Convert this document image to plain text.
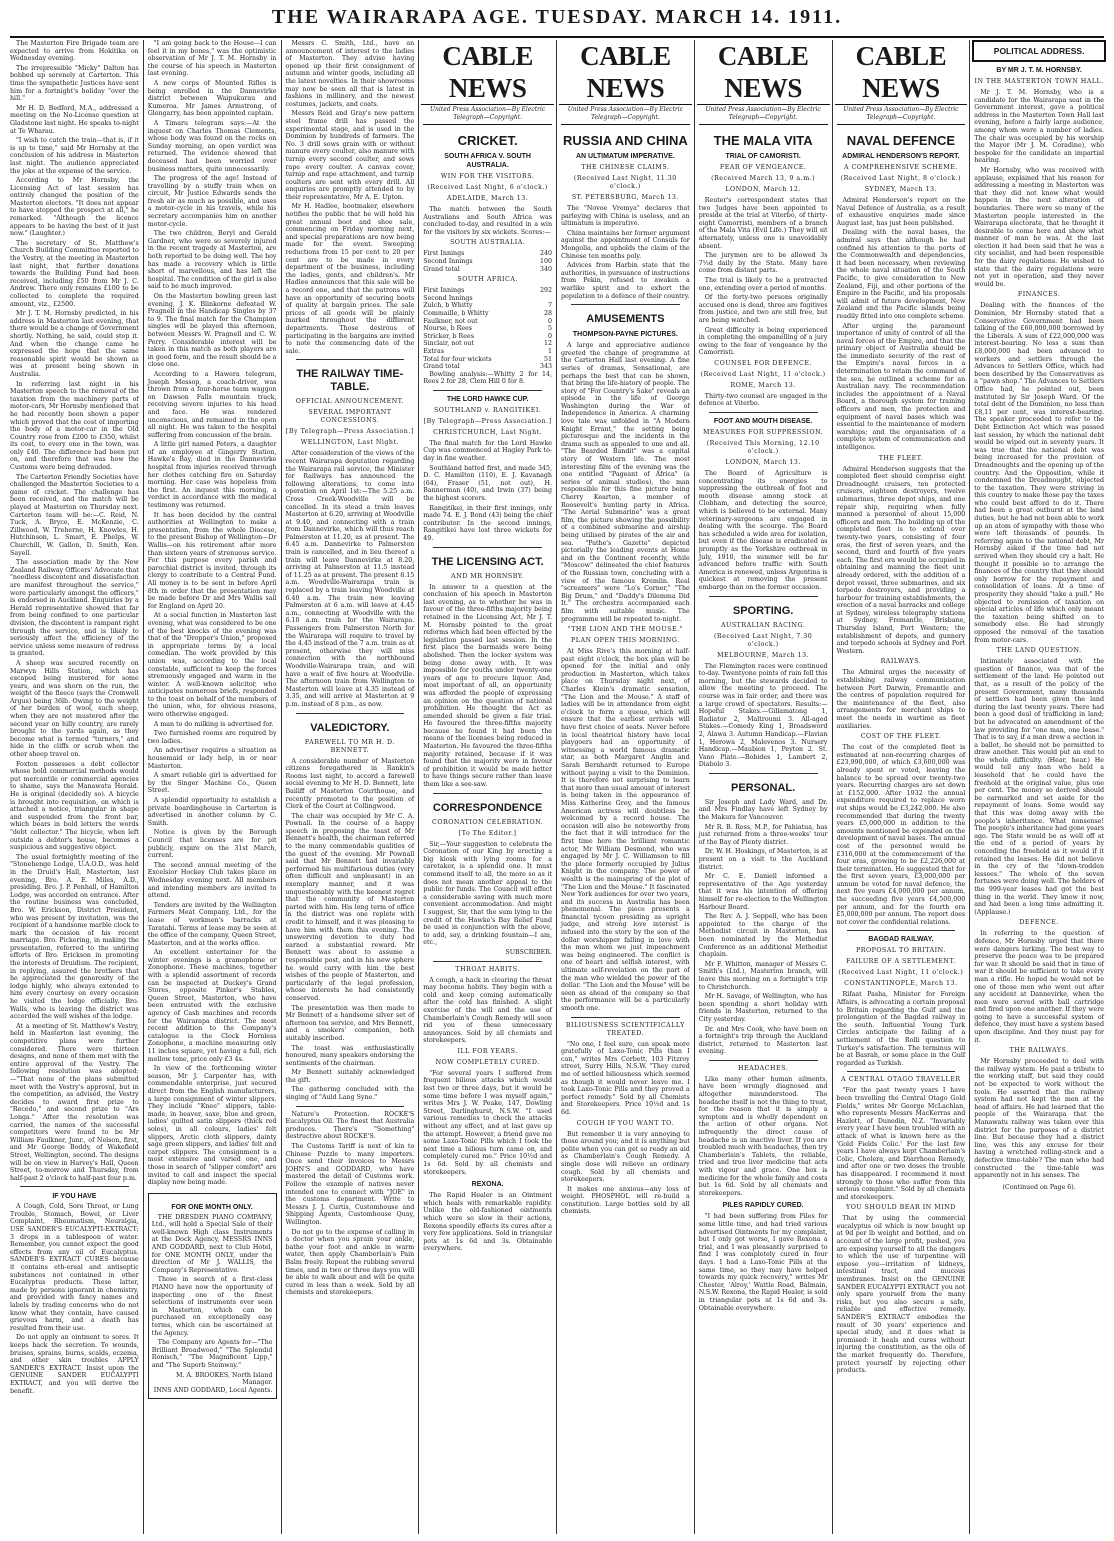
THE WAIRARAPA AGE. TUESDAY. MARCH 14. 1911.

The Masterton Fire Brigade team are expected to arrive from Hokitika on Wednesday evening.

The irrepressible "Micky" Dalton has bobbed up serenely at Carterton. This time the sympathetic Justices have sent him for a fortnight's holiday "over the hill."

Mr H. D. Bedford, M.A., addressed a meeting on the No-License question at Gladstone last night. He speaks to-night at Te Wharau.

"I wish to catch the train—that is, if it is up to time," said Mr Hornsby at the conclusion of his address in Masterton last night. The audience appreciated the joke at the expense of the service.

According to Mr Hornsby, the Licensing Act of last session has entirely changed the position of the Masterton electors. "It does not appear to have stopped the prospect at all," he remarked. "Although the licence appears to be having the best of it just now." (Laughter.)

The secretary of St. Matthew's Church Building Committee reported to the Vestry, at the meeting in Masterton last night, that further donations towards the Building Fund had been received, including £50 from Mr J. C. Andrew. There only remains £100 to be collected to complete the required amount, viz., £2500.

Mr J. T. M. Hornsby predicted, in his address in Masterton last evening, that there would be a change of Government shortly. Nothing, he said, could stop it. And when the change came he expressed the hope that the same reasonable spirit would be shown as was at present being shown in Australia.

In referring last night in his Masterton speech to the removal of the taxation from the machinery parts of motor-cars, Mr Hornsby mentioned that he had recently been shown a paper which proved that the cost of importing the body of a motor-car in the Old Country rose from £200 to £350, whilst its cost, to every one in the town, was only £40. The difference had been put on, and therefore that was how the Customs were being defrauded.

The Carterton Friendly Societies have challenged the Masterton Societies to a game of cricket. The challenge has been received, and the match will be played at Masterton on Thursday next. Carterton team will be:—C. Reid, N. Tuck, A. Bryce, E. McKenzie, C. Zillwood, W. Treherne, H. Knowles, H. Hutchinson, L. Smart, E. Phelps, W. Churchill, W. Gallon, D. Smith, Ken. Sayell.

The association made by the New Zealand Railway Officers' Advocate that "needless discontent and dissatisfaction are manifest throughout the service," were particularly amongst the officers," is endorsed in Auckland. Enquiries by a Herald representative showed that far from being confined to one particular division, the discontent is rampant right through the service, and is likely to seriously affect the efficiency of the service unless some measure of redress is granted.

A sheep was secured recently on Marwyn Hills Station, which has escaped being mustered for some years, and was shorn on the run, the weight of the fleece (says the Cromwell Argus) being 36lb. Owing to the weight of her burden of wool, such sheep, when they are not mustered after the second year on hilly country, are rarely brought to the yards again, as they become what is termed "turners," and hide in the cliffs or scrub when the other sheep travel on.

Foxton possesses a debt collector whose bold commercial methods would put mercantile or commercial agencies to shame, says the Manawatu Herald. He is original (decidedly so). A bicycle is brought into requisition, on which is attached a notice, triangular in shape and suspended from the front bar, which bears in bold letters the words "debt collector." The bicycle, when left outside a debtor's house, becomes a suspicious and suggestive object.

The usual fortnightly meeting of the "Stonehenge Lodge, U.A.O.D., was held in the Druid's Hall, Masterton, last evening, Bro. A. E. Miles, A.D., presiding. Bro. J. P. Penhall, of Hamilton Lodge, was accorded on entrance. After the routine business was concluded, Bro. W. Erickson, District President, who was present by invitation, was the recipient of a handsome marble clock to mark the occasion of his recent marriage. Bro. Pickering, in making the presentation, referred to the untiring efforts of Bro. Erickson in promoting the interests of Druidism. The recipient, in replying, assured the brothers that he appreciated the generosity of the lodge highly, who always extended to him every courtesy on every occasion he visited the lodge officially. Bro. Walls, who is leaving the district was accorded the well wishes of the lodge.

At a meeting of St. Matthew's Vestry, held in Masterton last evening, the competitive plans were further considered. There were thirteen designs, and none of them met with the entire approval of the Vestry. The following resolution was adopted:—"That none of the plans submitted meet with the Vestry's approval, but in the competition, as advised, the Vestry decides to award first prize to "Recedo," and second prize to "Ars Longa." After the resolution was carried, the names of the successful competitors were found to be Mr William Faulkner, Junr., of Nelson, first, and Mr George Boddy, of Wakefield Street, Wellington, second. The designs will be on view in Harvey's Hall, Queen Street, to-morrow and Thursday, from half-past 2 o'clock to half-past four p.m.

IF YOU HAVE

A Cough, Cold, Sore Throat, or Lung Trouble, Stomach, Bowel, or Liver Complaint, Rheumatism, Neuralgia, USE SANDER'S EUCALYPTI-EXTRACT; 3 drops in a tablespoon of water. Remember, you cannot expect the good effects from any oil of Eucalyptus. SANDER'S EXTRACT CURES because it contains eth-ereal and antiseptic substances not contained in other Eucalyptus products. These latter, made by persons ignorant in chemistry, and provided with fancy names and labels by trading concerns who do not know what they contain, have caused grievous harm, and a death has resulted from their use.

Do not apply an ointment to sores. It keeps back the secretion. To wounds, bruises, sprains, burns, scalds, eczema, and other skin troubles APPLY SANDER'S EXTRACT. Insist upon the GENUINE SANDER EUCALYPTI EXTRACT, and you will derive the benefit.

"I am going back to the House—I can feel it in my bones," was the optimistic observation of Mr J. T. M. Hornsby in the course of his speech in Masterton last evening.

A new corps of Mounted Rifles is being enrolled in the Dannevirke district between Waipukurau and Kumeroa. Mr James Armstrong, of Glengarry, has been appointed captain.

A Timaru telegram says:—At the inquest on Charles Thomas Clements, whose body was found on the rocks on Sunday morning, an open verdict was returned. The evidence showed that deceased had been worried over business matters, quite unnecessarily.

The progress of the age! Instead of travelling by a stuffy train when on circuit, Mr Justice Edwards sends the fresh air as much as possible, and uses a motor-cycle in his travels, while his secretary accompanies him on another motor-cycle.

The two children, Beryl and Gerald Gardner, who were so severely injured in the recent tragedy at Masterton, are both reported to be doing well. The boy has made a recovery which is little short of marvellous, and has left the hospital. The condition of the girl is also said to be much improved.

On the Masterton bowling green last evening, J. K. Blinkorne defeated W. Pragnell in the Handicap Singles by 37 to 9. The final match for the Champion singles will be played this afternoon, between Messrs W. Pragnell and C. W. Perry. Considerable interest will be taken in this match as both players are in good form, and the result should be a close one.

According to a Hawera telegram, Joseph Messop, a coach-driver, was thrown from a four-horse team waggon on Dawson Falls mountain track, receiving severe injuries to his head and face. He was rendered unconscious, and remained in the open all night. He was taken to the hospital suffering from concussion of the brain.

A little girl named Peters, a daughter of an employee at Gingerry Station, Hawke's Bay, died in the Dannevirke hospital from injuries received through her clothes catching fire on Saturday morning. Her case was hopeless from the first. An inquest this morning, a verdict in accordance with the medical testimony was returned.

It has been decided by the central authorities at Wellington to make a presentation, from the whole Diocese, to the present Bishop of Wellington—Dr Wallis—on his retirement after more than sixteen years of strenuous service. For this purpose every parish and parochial district is invited, through its clergy to contribute to a Central Fund. All money is to be sent in before April 8th in order that the presentation may be made before Dr and Mrs Wallis sail for England on April 20.

At a social function in Masterton last evening, what was considered to be one of the best knocks of the evening was that of the "Dropper's Union," proposed in appropriate terms by a local comedian. The work provided by this union was, according to the local constable, sufficient to keep the forces strenuously engaged and warm in the winter. A well-known solicitor, who anticipates numerous briefs, responded to the toast on behalf of the members of the union, who, for obvious reasons, were otherwise engaged.

A man to do milking is advertised for.

Two furnished rooms are required by two ladies.

An advertiser requires a situation as housemaid or lady help, in or near Masterton.

A smart reliable girl is advertised for by the Singer Machine Co., Queen Street.

A splendid opportunity to establish a private boardinghouse in Carterton is advertised in another column by C. Smith.

Notice is given by the Borough Council that licenses are for pit publicly, expire on the 31st March, current.

The second annual meeting of the Excelsior Hockey Club takes place on Wednesday evening next. All members and intending members are invited to attend.

Tenders are invited by the Wellington Farmers Meat Company, Ltd., for the lease of workmen's barracks at Taratahi. Terms of lease may be seen at the office of the company, Queen Street, Masterton, and at the works office.

An excellent entertainer for the winter evenings is a gramophone or Zonophone. These machines, together with a splendid assortment of records can be inspected at Duckey's Grand Stores, opposite Pinker's Stables, Queen Street, Masterton, who have been entrusted with the exclusive agency of Cash machines and records for the Wairarapa district. The most recent addition to the Company's catalogue is the Clock Hornless Zonophone, a machine measuring only 11 inches square, yet having a full, rich mellow tone, price only £3 4s.

In view of the forthcoming winter season, Mr J. Carpenter has, with commendable enterprise, just secured direct from the English manufacturers, a large consignment of winter slippers. They include "Knee" slippers, table-made, in beaver, saxe, blue and green, ladies' quilted satin slippers (thick red soles), in all colours, ladies' felt slippers, Arctic cloth slippers, dainty sage green slippers, and ladies' felt and carpet slippers. The consignment is a most extensive and varied one, and those in search of "slipper comfort" are invited to call and inspect the special display now being made.

FOR ONE MONTH ONLY.

THE DRESDEN PIANO COMPANY, Ltd., will hold a Special Sale of their well-known High class Instruments at the Dock Agency, MESSRS INNS AND GODDARD, next to Club Hotel, for ONE MONTH ONLY, under the direction of Mr J. WALLIS, the Company's Representative.

Those in search of a first-class PIANO have now the opportunity of inspecting one of the finest selections of instruments ever seen in Masterton, which can be purchased on exceptionally easy terms, which can be ascertained at the Agency.

The Company are Agents for—"The Brilliant Broadwood," "The Splendid Ronisch," "The Magnificent Lipp," and "The Superb Steinway."

M. A. BROOKES, North Island Manager.
INNS AND GODDARD, Local Agents.

Messrs C. Smith, Ltd., have an announcement of interest to the ladies of Masterton. They advise having opened up their first consignment of autumn and winter goods, including all the latest novelties. In their showrooms may now be seen all that is latest in fashions in millinery, and the newest costumes, jackets, and coats.

Messrs Reid and Gray's new pattern steel frame drill has passed the experimental stage, and is used in the Dominion by hundreds of farmers. The No. 3 drill sows grain with or without manure every coulter, also manure with turnip every second coulter, and sows rape every coulter. A canvas cover, turnip and rape attachment, and turnip coulters are sent with every drill. All enquiries are promptly attended to by their representative, Mr A. E. Upton.

Mr H. Hadlee, bootmaker, elsewhere notifies the public that he will hold his great annual boot and shoe sale, commencing on Friday morning next, and special preparations are now being made for the event. Sweeping reductions from 15 per cent to 20 per cent are to be made in every department of the business, including the ladies, gents, and children's. Mr Hadlee announces that this sale will be a record one, and that the patrons will have an opportunity of securing boots of quality at bargain prices. The sale prices of all goods will be plainly marked throughout the different departments. Those desirous of participating in the bargains are invited to note the commencing date of the sale.

THE RAILWAY TIME-TABLE.
OFFICIAL ANNOUNCEMENT.
SEVERAL IMPORTANT CONCESSIONS.
[By Telegraph—Press Association.]
WELLINGTON, Last Night.

After consideration of the views of the recent Wairarapa deputation regarding the Wairarapa rail service, the Minister for Railways has announced the following alterations, to come into operation on April 1st:—The 5.25 a.m. Cross Creek-Woodville will be cancelled. In its stead a train leaves Masterton at 6.20, arriving at Woodville at 9.40, and connecting with a train from Dannevirke, which will thus reach Palmerston at 11.20, as at present. The 6.45 a.m. Dannevirke to Palmerston train is cancelled, and in lieu thereof a train will leave Dannevirke at 8.20, arriving at Palmerston at 11.5 instead of 11.25 as at present. The present 8.15 a.m. Woodville-Wairarapa train is replaced by a train leaving Woodville at 6.40 a.m. The train now leaving Palmerston at 6 a.m. will leave at 4.45 a.m., connecting at Woodville with the 6.10 a.m. train for the Wairarapa. Passengers from Palmerston North for the Wairarapa will require to travel by the 4.45 instead of the 7 a.m. train as at present, otherwise they will miss connection with the northbound Woodville-Wairarapa train, and will have a wait of five hours at Woodville. The afternoon train from Wellington to Masterton will leave at 4.35 instead of 3.35, and will arrive at Masterton at 9 p.m. instead of 8 p.m., as now.

VALEDICTORY.
FAREWELL TO MR H. D. BENNETT.

A considerable number of Masterton citizens foregathered in Rankin's Rooms last night, to accord a farewell social evening to Mr H. D. Bennett, late Bailiff of Masterton Courthouse, and recently promoted to the position of Clerk of the Court at Collingwood.

The chair was occupied by Mr C. A. Pownall. In the course of a happy speech in proposing the toast of Mr Bennett's health, the chairman referred to the many commendable qualities of the guest of the evening. Mr Pownall said that Mr Bennett had invariably performed his multifarious duties (very often difficult and unpleasant) in an exemplary manner, and it was unquestionably with the keenest regret that the community of Masterton parted with him. His long term of office in the district was one replete with credit to himself, and it was pleasing to have him with them this evening. The unswerving devotion to duty had earned a substantial reward. Mr Bennett was about to assume a responsible post, and in his new sphere he would carry with him the best wishes of the people of Masterton, and particularly of the legal profession, whose interests he had consistently conserved.

The presentation was then made to Mr Bennett of a handsome silver set of afternoon tea service, and Mrs Bennett, and a smokers' companion, both suitably inscribed.

The toast was enthusiastically honoured, many speakers endorsing the sentiments of the chairman.

Mr Bennett suitably acknowledged the gift.

The gathering concluded with the singing of "Auld Lang Syne."

Nature's Protection. ROCKE'S Eucalyptus Oil. The finest that Australia produces. There's "Something" destructive about ROCKE'S.

The Customs Tariff is next of kin to Chinese Puzzle to many importers. Once send their invoices to Messrs JOHN'S and GODDARD, who have mastered the detail of Customs work. Follow the example of natives never intended one to connect with "JOE" in the customs department. Write to Messrs J. J. Curtis, Customhouse and Shipping Agents, Customhouse Quay, Wellington.

Do not go to the expense of calling in a doctor when you sprain your ankle, bathe your foot and ankle in warm water, then apply Chamberlain's Pain Balm freely. Repeat the rubbing several times, and in two or three days you will be able to walk about and will be quite cured in less than a week. Sold by all chemists and storekeepers.

CABLE NEWS
United Press Association—By Electric Telegraph—Copyright.
CRICKET.
SOUTH AFRICA V. SOUTH AUSTRALIA.
WIN FOR THE VISITORS.
(Received Last Night, 6 o'clock.)
ADELAIDE, March 13.

The match between the South Australians and South Africa was concluded to-day, and resulted in a win for the visitors by six wickets. Scores:—

SOUTH AUSTRALIA.
First Innings	240
Second Innings	100
Grand total	340
SOUTH AFRICA.
First Innings	292
Second Innings	
Zulch, b Whitty	7
Commaille, b Whitty	28
Faulkner, not out	0
Nourse, b Rees	5
Stricker, b Rees	0
Sinclair, not out	12
Extras	1
Total for four wickets	51
Grand total	343

Bowling analysis:—Whitty 2 for 14, Rees 2 for 28, Clem Hill 0 for 8.

THE LORD HAWKE CUP.
SOUTHLAND v. RANGITIKEI.
[By Telegraph—Press Association.]
CHRISTCHURCH, Last Night.

The final match for the Lord Hawke Cup was commenced at Hagley Park to-day in fine weather.

Southland batted first, and made 345, D. C. Hamilton (110), E. J. Kavanagh (64), Fraser (51, not out), H. Bannerman (40), and Irwin (37) being the highest scorers.

Rangitikei, in their first innings, only made 74. E. J. Bond (43) being the chief contributor. In the second innings, Rangitikei have lost three wickets for 49.

THE LICENSING ACT.
AND MR HORNSBY.

In answer to a question at the conclusion of his speech in Masterton last evening, as to whether he was in favour of the three-fifths majority being retained in the Licensing Act, Mr J. T. M. Hornsby pointed to the great reforms which had been effected by the legislation passed last session. In the first place the barmaids were being abolished. Then the locker system was being done away with. It was impossible for youths under twenty-one years of age to procure liquor. And, most important of all, an opportunity was afforded the people of expressing an opinion on the question of national prohibition. He thought the Act as amended should be given a fair trial. He favoured the three-fifths majority because he found it had been the means of the licenses being reduced in Masterton. He favoured the three-fifths majority retained, because if it was found that the majority were in favour of prohibition it would be made better to have things secure rather than leave them like a see-saw.

CORRESPONDENCE
CORONATION CELEBRATION.
[To The Editor.]

Sir,—Your suggestion to celebrate the Coronation of our King by erecting a big kiosk with lying rooms for a caretaker, is a splendid one. It must commend itself to all, the more so as it does not mean another appeal to the public for funds. The Council will effect a considerable saving with much more convenient accommodation. And might I suggest, Sir, that the sum lying to the credit of the Hawke's Bay Relief Fund be used in conjunction with the above, to add, say, a drinking fountain—I am, etc.,

SUBSCRIBER.
THROAT HABITS.

A cough, a hack in clearing the throat may become habits. They begin with a cold and keep coming automatically after the cold has finished. A slight exercise of the will and the use of Chamberlain's Cough Remedy will soon rid you of these unnecessary annoyances. Sold by all chemists and storekeepers.

ILL FOR YEARS.
NOW COMPLETELY CURED.

"For several years I suffered from frequent bilious attacks which would last two or three days, but it would be some time before I was myself again," writes Mrs J. W. Peake, 147, Dowling Street, Darlinghurst, N.S.W. "I used various remedies to check the attacks without any effect, and at last gave up the attempt. However, a friend gave me some Laxo-Tonic Pills which I took the next time a bilious turn came on, and completely cured me." Price 10½d and 1s 6d. Sold by all chemists and storekeepers.

REXONA.

The Rapid Healer is an Ointment which heals with remarkable rapidity. Unlike the old-fashioned ointments which were so slow in their actions, Rexona speedily effects its cures after a very few applications. Sold in triangular pots at 1s 6d and 3s. Obtainable everywhere.

CABLE NEWS
United Press Association—By Electric Telegraph—Copyright.
RUSSIA AND CHINA
AN ULTIMATUM IMPERATIVE.
THE CHINESE CLAIMS.
(Received Last Night, 11.30 o'clock.)
ST. PETERSBURG, March 13.

The "Novoe Vremya" declares that parleying with China is useless, and an ultimatum is imperative.

China maintains her former argument against the appointment of Consuls for Mongolia, and upholds the claim of the Chinese ten months poly.

Advices from Harbin state that the authorities, in pursuance of instructions from Pekin, refused to awaken a warlike spirit and to exhort the population to a defence of their country.

AMUSEMENTS
THOMPSON-PAYNE PICTURES.

A large and appreciative audience greeted the change of programme at the Carterton Hall last evening. A fine series of dramas, Sensational, are perhaps the best that can be shown, that bring the life-history of people. The story of "For Country's Sake" reveals an episode in the life of George Washington during the War of Independence in America. A charming love tale was unfolded in "A Modern Knight Errant," the setting being picturesque and the incidents in the drama such as appealed to one and all. "The Bearded Bandit" was a capital story of Western life. The most interesting film of the evening was the one entitled "Pageant of Africa" (a series of animal studies), the man responsible for this fine picture being Cherry Kearton, a member of Roosevelt's hunting party in Africa. "The Aerial Submarine" was a great film, the picture showing the possibility of a combined submarine and airship being utilised by pirates of the air and sea. "Pathe's Gazette" depicted pictorially the leading events at Home and on the Continent recently, while "Moscow" delineated the chief features of the Russian town, concluding with a view of the famous Kremlin. Real "screamers" were "Lo's Corner," "The Big Drum," and "Daddy's Dilemma Did It." The orchestra accompanied each film with suitable music. The programme will be repeated to-night.

"THE LION AND THE MOUSE."
PLAN OPEN THIS MORNING.

At Miss Rive's this morning at half-past eight o'clock, the box plan will be opened for the initial and only production in Masterton, which takes place on Thursday night next, of Charles Klein's dramatic sensation, "The Lion and the Mouse." A staff of ladies will be in attendance from eight o'clock to form a queue, which will ensure that the earliest arrivals will have first choice of seats. Never before in local theatrical history have local playgoers had an opportunity of witnessing a world famous dramatic star, as both Margaret Anglin and Sarah Bernhardt returned to Europe without paying a visit to the Dominion. It is therefore not surprising to learn that more than usual amount of interest is being taken in the appearance of Miss Katherine Grey, and the famous American actress will doubtless be welcomed by a record house. The occasion will also be noteworthy from the fact that it will introduce for the first time here the brilliant romantic actor, Mr William Desmond, who was engaged by Mr J. C. Williamson to fill the place formerly occupied by Julius Knight in the company. The power of wealth is the mainspring of the plot of "The Lion and the Mouse." It fascinated New York audiences for over two years, and its success in Australia has been phenomenal. The piece presents a financial tycoon presiding as upright judge, and strong love interest is infused into the story by the son of the dollar worshipper falling in love with the man whom we just impeachment was being engineered. The conflict is one of heart and selfish interest, with ultimate self-revelation on the part of the man who wielded the power of the dollar. "The Lion and the Mouse" will be seen as ahead of the company so that the performance will be a particularly smooth one.

BILIOUSNESS SCIENTIFICALLY TREATED.

"No one, I feel sure, can speak more gratefully of Laxo-Tonic Pills than I can," writes Mrs Corbett, 103 Fitzroy street, Surry Hills, N.S.W. "They cured me of settled biliousness which seemed as though it would never leave me. I took Laxo-Tonic Pills and they proved a perfect remedy." Sold by all Chemists and Storekeepers. Price 10½d and 1s 6d.

COUGH IF YOU WANT TO.

But remember it is very annoying to those around you; and it is anything but polite when you can get so ready an aid as Chamberlain's Cough Remedy. A single dose will relieve an ordinary cough. Sold by all chemists and storekeepers.

It makes one anxious—any loss of weight. PHOSPHOL will re-build a constitution. Large bottles sold by all chemists.

CABLE NEWS
United Press Association—By Electric Telegraph—Copyright.
THE MALA VITA
TRIAL OF CAMORISTI.
FEAR OF VENGEANCE.
(Received March 13, 9 a.m.)
LONDON, March 12.

Reuter's correspondent states that two Judges have been appointed to preside at the trial at Viterbo, of thirty-eight Camorristi, members of a branch of the Mala Vita (Evil Life.) They will sit alternately, unless one is unavoidably absent.

The jurymen are to be allowed 3s 7½d daily by the State. Many have come from distant parts.

The trial is likely to be a protracted one, extending over a period of months.

Of the forty-two persons originally accused one is dead, three are fugitives from justice, and two are still free, but are being watched.

Great difficulty is being experienced in completing the empanelling of a jury owing to the fear of vengeance by the Camorristi.

COUNSEL FOR DEFENCE.
(Received Last Night, 11 o'clock.)
ROME, March 13.

Thirty-two counsel are engaged in the defence at Viterbo.

FOOT AND MOUTH DISEASE.
MEASURES FOR SUPPRESSION.
(Received This Morning, 12.10 o'clock.)
LONDON, March 13.

The Board of Agriculture is concentrating its energies to suppressing the outbreak of foot and mouth disease among stock at Clobham, and detecting the source, which is believed to be external. Many veterinary-surgeons are engaged in dealing with the scourge. The Board has scheduled a wide area for isolation, but even if the disease is eradicated as promptly as the Yorkshire outbreak in July, 1910, the summer will be far advanced before traffic with South America is renewed, unless Argentina is quickest at removing the present embargo than on the former occasion.

SPORTING.
AUSTRALIAN RACING.
(Received Last Night, 7.30 o'clock.)
MELBOURNE, March 13.

The Flemington races were continued to-day. Twentyone points of rain fell this morning, but the stewards decided to allow the meeting to proceed. The course was in fair order, and there was a large crowd of spectators. Results:— Hopeful Stakes.—Gillamatong 1, Radiator 2, Maltroumi 3. All-aged Stakes.—Comedy King 1, Broadsword 2, Alawa 3. Autumn Handicap.—Flavian 1, Herowa 2, Malevenos 3. Nursery Handicap.—Maubion 1, Peyton 2. St. Vano Plate.—Bobides 1, Lambert 2, Diabolo 3.

PERSONAL.

Sir Joseph and Lady Ward, and Dr. and Mrs Findlay have left Sydney by the Makura for Vancouver.

Mr R. B. Ross, M.P., for Pahiatua, has just returned from a three-weeks' tour of the Bay of Plenty district.

Dr. W. H. Hoskings, of Masterton, is at present on a visit to the Auckland district.

Mr C. E. Daniell informed a representative of the Age yesterday that it was his intention of offering himself for re-election to the Wellington Harbour Board.

The Rev. A. J. Seppell, who has been appointed to the charge of the Methodist circuit in Masterton, has been nominated by the Methodist Conference as an additional Methodist chaplain.

Mr F. Whitton, manager of Messrs C. Smith's (Ltd.), Masterton branch, will leave this morning on a fortnight's trip to Christchurch.

Mr H. Savage, of Wellington, who has been spending a short holiday with friends in Masterton, returned to the City yesterday.

Dr. and Mrs Cook, who have been on a fortnight's trip through the Auckland district, returned to Masterton last evening.

HEADACHES.

Like many other human ailments, have been wrongly diagnosed and altogether misunderstood. The headache itself is not the thing to treat, for the reason that it is simply a symptom and is wholly dependent on the action of other organs. Not infrequently the direct cause of headache is an inactive liver. If you are troubled much with headaches, then try Chamberlain's Tablets, the reliable, tried and true liver medicine that acts with vigour and grace. One box is medicine for the whole family and costs but 1s 6d. Sold by all chemists and storekeepers.

PILES RAPIDLY CURED.

"I had been suffering from Piles for some little time, and had tried various advertised Ointments for my complaint, but I only got worse, I gave Rexona a trial, and I was pleasantly surprised to find I was completely cured in four days. I had a Laxo-Tonic Pills at the same time, so they may have helped towards my quick recovery," writes Mr Chester, 'Alroy,' Wattle Road, Balmain, N.S.W. Rexona, the Rapid Healer, is sold in triangular pots at 1s 6d and 3s. Obtainable everywhere.

CABLE NEWS
United Press Association—By Electric Telegraph—Copyright.
NAVAL DEFENCE
ADMIRAL HENDERSON'S REPORT.
A COMPREHENSIVE SCHEME.
(Received Last Night, 8 o'clock.)
SYDNEY, March 13.

Admiral Henderson's report on the Naval Defence of Australia, as a result of exhaustive enquiries made since August last, has just been published.

Dealing with the naval bases, the admiral says that although he had confined his attention to the ports of the Commonwealth and dependencies, it had been necessary, when reviewing the whole naval situation of the South Pacific, to give consideration to New Zealand, Fiji, and other portions of the Empire in the Pacific, and his proposals will admit of future development, New Zealand and the Pacific islands being readily fitted into one complete scheme.

After urging the paramount importance of unity of control of all the naval forces of the Empire, and that the primary object of Australia should be the immediate security of the rest of the Empire's naval forces in a determination to retain the command of the sea, he outlined a scheme for an Australian navy. The recommendation includes the appointment of a Naval Board, a thorough system for training officers and men, the protection and equipment of naval bases which was essential to the maintenance of modern warships; and the organisation of a complete system of communication and intelligence.

THE FLEET.

Admiral Henderson suggests that the completed fleet should comprise eight Dreadnought cruisers, ten protected cruisers, eighteen destroyers, twelve submarines, three depot ships, and one repair ship, requiring when fully manned a personnel of about 15,000 officers and men. The building up of the completed fleet is to extend over twenty-two years, consisting of four eras, the first of seven years, and the second, third and fourth of five years each. The first era would be occupied in obtaining and manning the fleet unit already ordered, with the addition of a depot vessel, three submarines, and six torpedo destroyers, and providing a harbour for training establishments, the erection of a naval barracks and college at Sydney, wireless telegraphy stations at Sydney, Fremantle, Brisbane, Thursday Island, Port Western; the establishment of depots, and gunnery and torpedo schools at Sydney and Port Western.

RAILWAYS.

The Admiral urges the necessity of establishing railway communication between Port Darwin, Fremantle and the centres of population required for the maintenance of the fleet, also arrangements for merchant ships to meet the needs in wartime as fleet auxiliaries.

COST OF THE FLEET.

The cost of the completed fleet is estimated at non-recurring charges of £23,990,000, of which £3,600,000 was already spent or voted, leaving the balance to be spread over twenty-two years. Recurring charges are set down at £152,000. After 1932 the annual expenditure required to replace worn out ships would be £3,242,000. He also recommended that during the twenty years £5,000,000 in addition to the amounts mentioned be expended on the development of naval bases. The annual cost of the personnel would be £316,000 at the commencement of the four eras, growing to be £2,226,000 at their termination. He suggested that for the first seven years, £3,000,000 per annum be voted for naval defence, the next five years £4,000,000 per annum, the succeeding five years £4,500,000 per annum, and for the fourth era £5,000,000 per annum. The report does not cover the confidential relations.

BAGDAD RAILWAY.
PROPOSAL TO BRITAIN.
FAILURE OF A SETTLEMENT.
(Received Last Night, 11 o'clock.)
CONSTANTINOPLE, March 13.

Rifaat Pasha, Minister for Foreign Affairs, is advocating a certain proposal to Britain regarding the Gulf and the prolongation of the Bagdad railway in the south. Influential Young Turk Circles anticipate the failing of a settlement of the Rolli question to Turkey's satisfaction. The terminus will be at Basrah, or some place in the Gulf regarded as Turkish.

A CENTRAL OTAGO TRAVELLER

"For the past twenty years I have been travelling the Central Otago Gold Fields," writes Mr George McLachlan, who represents Messrs MacKerras and Hazlett, of Dunedin, N.Z. "Invariably every year I have been troubled with an attack of what is known here as the 'Gold Fields Colic.' For the last few years I have always kept Chamberlain's Colic, Cholera, and Diarrhoea Remedy, and after one or two doses the trouble has disappeared. I recommend it most strongly to those who suffer from this serious complaint." Sold by all chemists and storekeepers.

YOU SHOULD BEAR IN MIND

That by using the commercial eucalyptus oil which is now bought up at 9d per lb weight and bottled, and on account of the large profit, pushed, you are exposing yourself to all the dangers to which the use of turpentine will expose you—irritation of kidneys, intestinal tract, and mucous membranes. Insist on the GENUINE SANDER EUCALYPTI EXTRACT you not only spare yourself from the many risks, but you also secure a safe, reliable and effective remedy. SANDER'S EXTRACT embodies the result of 30 years' experience and special study, and it does what is promised: it heals and cures without injuring the constitution, as the oils of the market frequently do. Therefore, protect yourself by rejecting other products.

POLITICAL ADDRESS.
BY MR J. T. M. HORNSBY.
IN THE MASTERTON TOWN HALL.

Mr J. T. M. Hornsby, who is a candidate for the Wairarapa seat in the Government interest, gave a political address in the Masterton Town Hall last evening, before a fairly large audience, among whom were a number of ladies. The chair was occupied by his worship the Mayor (Mr J. M. Coradine), who bespoke for the candidate an impartial hearing.

Mr Hornsby, who was received with applause, explained that his reason for addressing a meeting in Masterton was that they did not know what would happen in the next alteration of boundaries. There were so many of the Masterton people interested in the Wairarapa electorate, that he thought it desirable to come here and show what manner of man he was. At the last election it had been said that he was a city socialist, and had been responsible for the dairy regulations. He wished to state that the dairy regulations were not yet in operation, and they never would be.

FINANCES.

Dealing with the finances of the Dominion, Mr Hornsby stated that a Conservative Government had been talking of the £60,000,000 borrowed by the Liberals. A sum of £22,000,000 was interest-bearing. No less a sum than £8,000,000 had been advanced to workers and settlers through the Advances to Settlers Office, which had been described by the Conservatives as a "pawn shop." The Advances to Settlers Office had, he pointed out, been instituted by Sir Joseph Ward. Of the total debt of the Dominion, no less than £8,11 per cent, was interest-bearing. The speaker proceeded to refer to the Debt Extinction Act which was passed last session, by which the national debt would be wiped out in seventy years. It was true that the national debt was being increased for the provision of Dreadnoughts and the opening up of the country. And the Opposition, while it condemned the Dreadnought, objected to the taxation. They were striving in this country to make those pay the taxes who could best afford to do it. There had been a great outburst at the land duties, but he had not been able to work up an atom of sympathy with those who were left thousands of pounds. In referring again to the national debt, Mr Hornsby asked if the time had not arrived when they should cry a halt. He thought it possible so to arrange the finances of the country that they should only borrow for the repayment and consolidation of loans. At a time of prosperity they should "take a pull." He objected to remission of taxation on special articles of life which only meant the taxation being shifted on to somebody else. He had strongly opposed the removal of the taxation from motor-cars.

THE LAND QUESTION.

Intimately associated with the question of finance, was that of the settlement of the land. He pointed out that, as a result of the policy of the present Government, many thousands of settlers had been given the land during the last twenty years. There had been a good deal of trafficking in land; but he advocated an amendment of the law providing for "one man, one lease." That is to say, if a man drew a section in a ballot, he should not be permitted to draw another. This would put an end to the whole difficulty. (Hear, hear.) He would tell any man who held a leasehold that he could have the freehold at the original value, plus one per cent. The money so derived should be earmarked and set aside for the repayment of loans. Some would say that this was doing away with the people's inheritance. What nonsense! The people's inheritance had gone years ago. The State would be as well off at the end of a period of years by conceding the freehold as it would if it retained the leases. He did not believe in the cry of the "down-trodden lessees." The whole of the seven fortunes were doing well. The holders of the 999-year leases had got the best thing in the world. They knew it now, and had been a long time admitting it. (Applause.)

DEFENCE.

In referring to the question of defence, Mr Hornsby urged that there were dangers lurking. The best way to preserve the peace was to be prepared for war. It should be said that in time of war it should be sufficient to take every man a rifle. He hoped he would not be one of those men who went out after any accident at Dannevirke, when the men were served with ball cartridge and fired upon one another. If they were going to have a successful system of defence, they must have a system based upon discipline. And they must pay for it.

THE RAILWAYS.

Mr Hornsby proceeded to deal with the railway system. He paid a tribute to the working staff, but said they could not be expected to work without the tools. He asserted that the railway system had not kept the men at the head of affairs. He had learned that the people of the Wairarapa that the Manawatu railway was taken over this district for the purposes of a district line. But because they had a district line, was this any excuse for their having a wretched rolling-stock and a defective time-table? The man who had constructed the time-table was apparently not in his senses. The

(Continued on Page 6).
